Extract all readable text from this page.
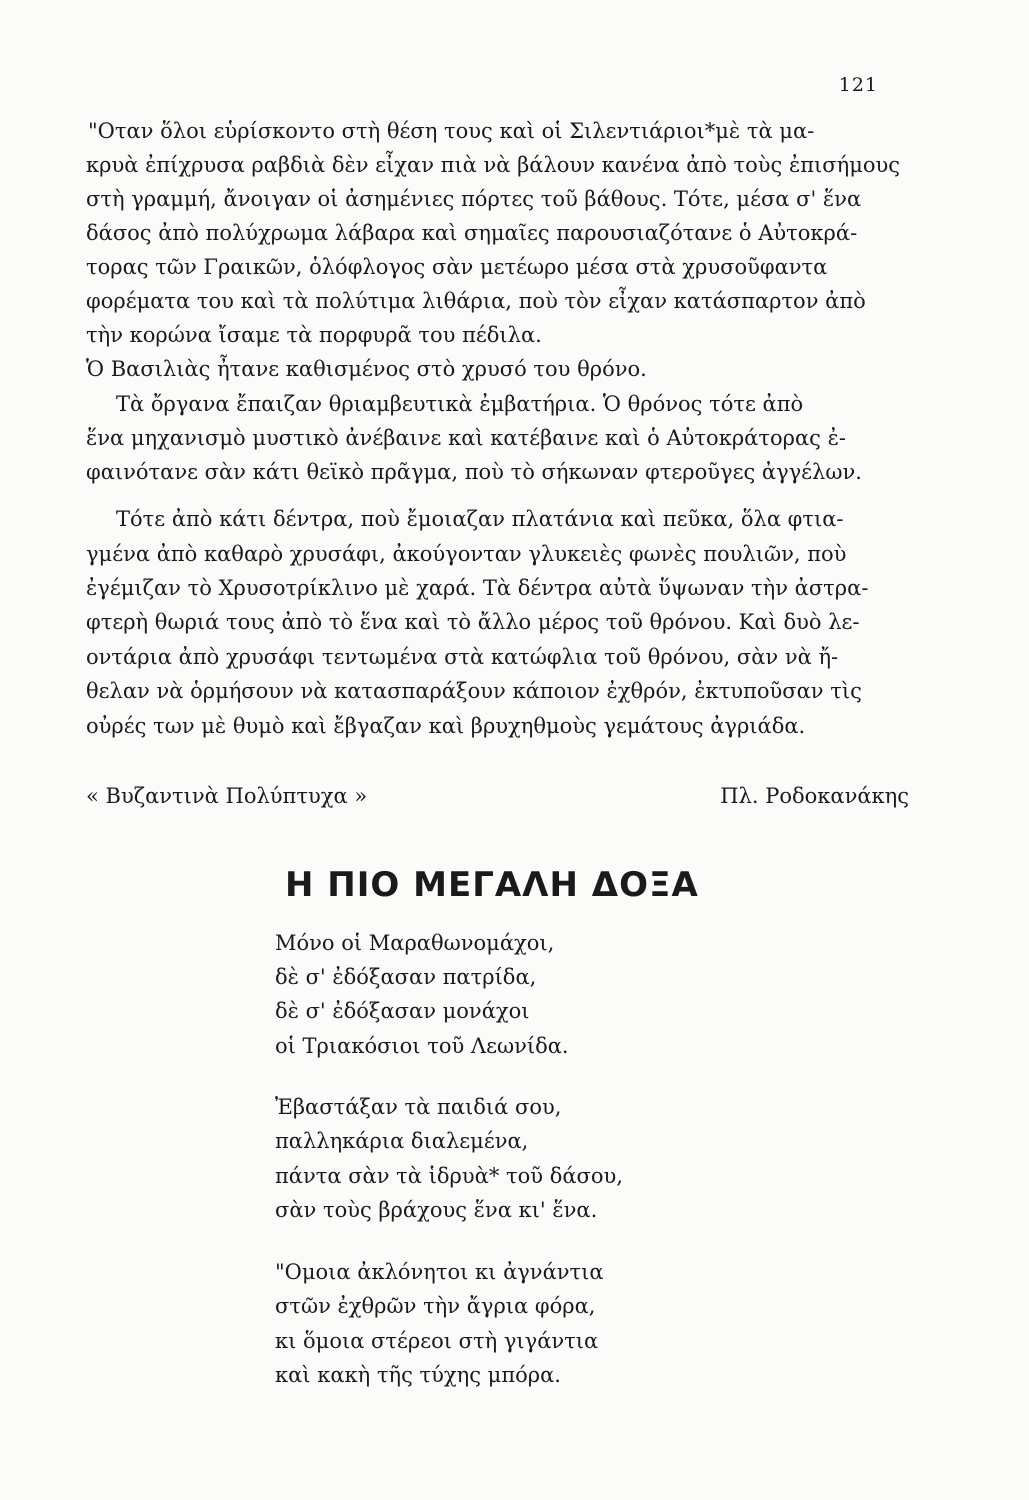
121
"Οταν ὅλοι εὑρίσκοντο στὴ θέση τους καὶ οἱ Σιλεντιάριοι*μὲ τὰ μα-
κρυὰ ἐπίχρυσα ραβδιὰ δὲν εἶχαν πιὰ νὰ βάλουν κανένα ἀπὸ τοὺς ἐπισήμους
στὴ γραμμή, ἄνοιγαν οἱ ἀσημένιες πόρτες τοῦ βάθους. Τότε, μέσα σ' ἕνα
δάσος ἀπὸ πολύχρωμα λάβαρα καὶ σημαῖες παρουσιαζότανε ὁ Αὐτοκρά-
τορας τῶν Γραικῶν, ὁλόφλογος σὰν μετέωρο μέσα στὰ χρυσοῦφαντα
φορέματα του καὶ τὰ πολύτιμα λιθάρια, ποὺ τὸν εἶχαν κατάσπαρτον ἀπὸ
τὴν κορώνα ἴσαμε τὰ πορφυρᾶ του πέδιλα.
Ὁ Βασιλιὰς ἦτανε καθισμένος στὸ χρυσό του θρόνο.
Τὰ ὄργανα ἔπαιζαν θριαμβευτικὰ ἐμβατήρια. Ὁ θρόνος τότε ἀπὸ
ἕνα μηχανισμὸ μυστικὸ ἀνέβαινε καὶ κατέβαινε καὶ ὁ Αὐτοκράτορας ἐ-
φαινότανε σὰν κάτι θεϊκὸ πρᾶγμα, ποὺ τὸ σήκωναν φτεροῦγες ἀγγέλων.
Τότε ἀπὸ κάτι δέντρα, ποὺ ἔμοιαζαν πλατάνια καὶ πεῦκα, ὅλα φτια-
γμένα ἀπὸ καθαρὸ χρυσάφι, ἀκούγονταν γλυκειὲς φωνὲς πουλιῶν, ποὺ
ἐγέμιζαν τὸ Χρυσοτρίκλινο μὲ χαρά. Τὰ δέντρα αὐτὰ ὕψωναν τὴν ἀστρα-
φτερὴ θωριά τους ἀπὸ τὸ ἕνα καὶ τὸ ἄλλο μέρος τοῦ θρόνου. Καὶ δυὸ λε-
οντάρια ἀπὸ χρυσάφι τεντωμένα στὰ κατώφλια τοῦ θρόνου, σὰν νὰ ἤ-
θελαν νὰ ὁρμήσουν νὰ κατασπαράξουν κάποιον ἐχθρόν, ἐκτυποῦσαν τὶς
οὐρές των μὲ θυμὸ καὶ ἔβγαζαν καὶ βρυχηθμοὺς γεμάτους ἀγριάδα.
« Βυζαντινὰ Πολύπτυχα »	Πλ. Ροδοκανάκης
Η ΠΙΟ ΜΕΓΑΛΗ ΔΟΞΑ
Μόνο οἱ Μαραθωνομάχοι,
δὲ σ' ἐδόξασαν πατρίδα,
δὲ σ' ἐδόξασαν μονάχοι
οἱ Τριακόσιοι τοῦ Λεωνίδα.
Ἐβαστάξαν τὰ παιδιά σου,
παλληκάρια διαλεμένα,
πάντα σὰν τὰ ἱδρυὰ* τοῦ δάσου,
σὰν τοὺς βράχους ἕνα κι' ἕνα.
"Ομοια ἀκλόνητοι κι ἀγνάντια
στῶν ἐχθρῶν τὴν ἄγρια φόρα,
κι ὅμοια στέρεοι στὴ γιγάντια
καὶ κακὴ τῆς τύχης μπόρα.
